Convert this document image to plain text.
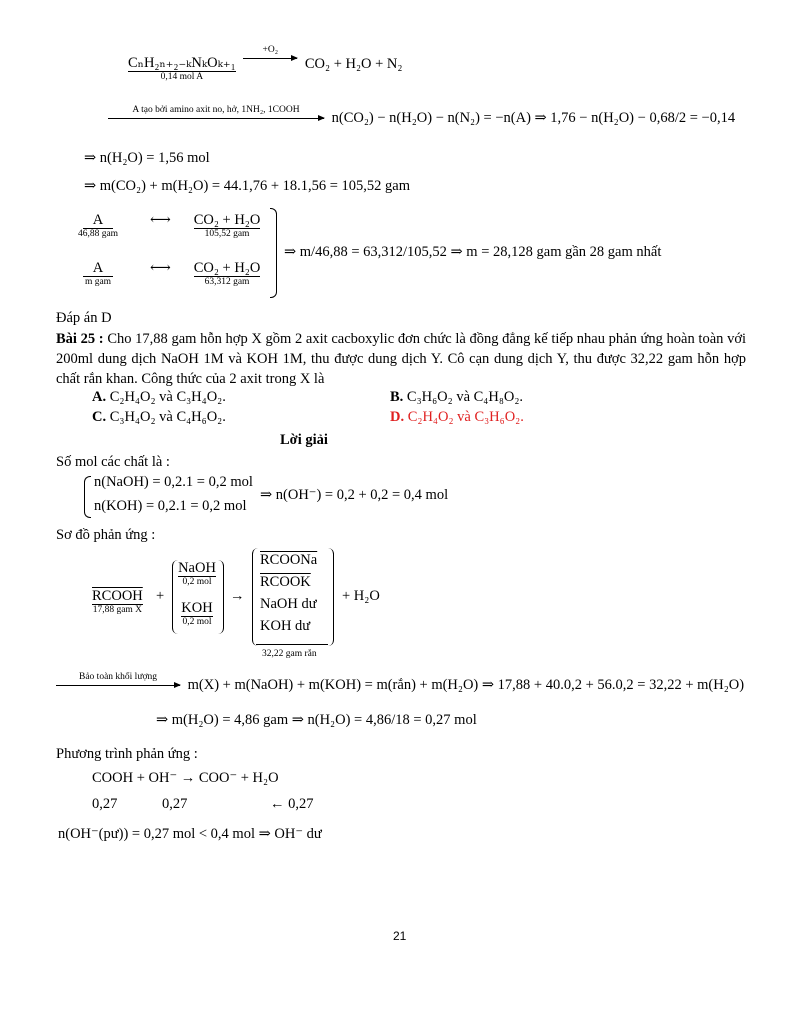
CₙH₂ₙ₊₂₋ₖNₖOₖ₊₁
0,14 mol A

+O₂
CO₂ + H₂O + N₂
A tạo bởi amino axit no, hở, 1NH₂, 1COOH	n(CO₂) − n(H₂O) − n(N₂) = −n(A) ⇒ 1,76 − n(H₂O) − 0,68/2 = −0,14
⇒ n(H₂O) = 1,56 mol
⇒ m(CO₂) + m(H₂O) = 44.1,76 + 18.1,56 = 105,52 gam
A
46,88 gam
⟷	CO₂ + H₂O
105,52 gam
A
m gam
⟷	CO₂ + H₂O
63,312 gam
⇒ m/46,88 = 63,312/105,52 ⇒ m = 28,128 gam gần 28 gam nhất
Đáp án D
Bài 25 : Cho 17,88 gam hỗn hợp X gồm 2 axit cacboxylic đơn chức là đồng đẳng kế tiếp nhau phản ứng hoàn toàn với 200ml dung dịch NaOH 1M và KOH 1M, thu được dung dịch Y. Cô cạn dung dịch Y, thu được 32,22 gam hỗn hợp chất rắn khan. Công thức của 2 axit trong X là
A. C₂H₄O₂ và C₃H₄O₂.	B. C₃H₆O₂ và C₄H₈O₂.
C. C₃H₄O₂ và C₄H₆O₂.	D. C₂H₄O₂ và C₃H₆O₂.
Lời giải
Số mol các chất là :
n(NaOH) = 0,2.1 = 0,2 mol
n(KOH) = 0,2.1 = 0,2 mol
⇒ n(OH⁻) = 0,2 + 0,2 = 0,4 mol
Sơ đồ phản ứng :
RCOOH
17,88 gam X
+
NaOH
0,2 mol
KOH
0,2 mol
→
RCOONa
RCOOK
NaOH dư
KOH dư
32,22 gam rắn
+ H₂O
Bảo toàn khối lượng	m(X) + m(NaOH) + m(KOH) = m(rắn) + m(H₂O) ⇒ 17,88 + 40.0,2 + 56.0,2 = 32,22 + m(H₂O)
⇒ m(H₂O) = 4,86 gam ⇒ n(H₂O) = 4,86/18 = 0,27 mol
Phương trình phản ứng :
COOH + OH⁻ → COO⁻ + H₂O
0,27	0,27	← 0,27
n(OH⁻(pư)) = 0,27 mol < 0,4 mol ⇒ OH⁻ dư
21
